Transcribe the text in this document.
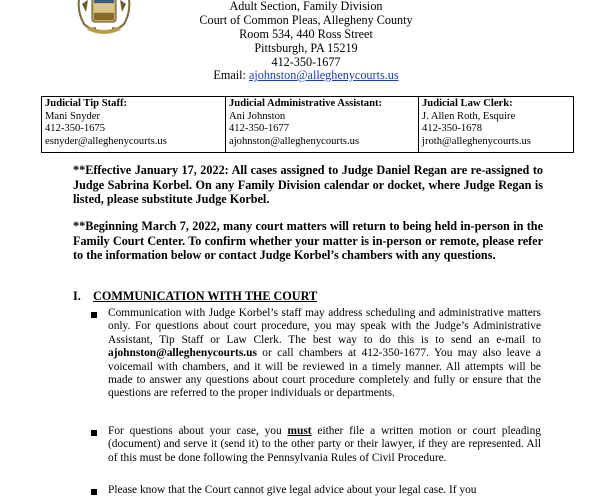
Adult Section, Family Division
Court of Common Pleas, Allegheny County
Room 534, 440 Ross Street
Pittsburgh, PA 15219
412-350-1677
Email: ajohnston@alleghenycourts.us
Judicial Tip Staff:
Mani Snyder
412-350-1675
esnyder@alleghenycourts.us

Judicial Administrative Assistant:
Ani Johnston
412-350-1677
ajohnston@alleghenycourts.us

Judicial Law Clerk:
J. Allen Roth, Esquire
412-350-1678
jroth@alleghenycourts.us
**Effective January 17, 2022: All cases assigned to Judge Daniel Regan are re-assigned to Judge Sabrina Korbel. On any Family Division calendar or docket, where Judge Regan is listed, please substitute Judge Korbel.
**Beginning March 7, 2022, many court matters will return to being held in-person in the Family Court Center. To confirm whether your matter is in-person or remote, please refer to the information below or contact Judge Korbel’s chambers with any questions.
I. COMMUNICATION WITH THE COURT
Communication with Judge Korbel’s staff may address scheduling and administrative matters only. For questions about court procedure, you may speak with the Judge’s Administrative Assistant, Tip Staff or Law Clerk. The best way to do this is to send an e-mail to ajohnston@alleghenycourts.us or call chambers at 412-350-1677. You may also leave a voicemail with chambers, and it will be reviewed in a timely manner. All attempts will be made to answer any questions about court procedure completely and fully or ensure that the questions are referred to the proper individuals or departments.
For questions about your case, you must either file a written motion or court pleading (document) and serve it (send it) to the other party or their lawyer, if they are represented. All of this must be done following the Pennsylvania Rules of Civil Procedure.
Please know that the Court cannot give legal advice about your legal case. If you
